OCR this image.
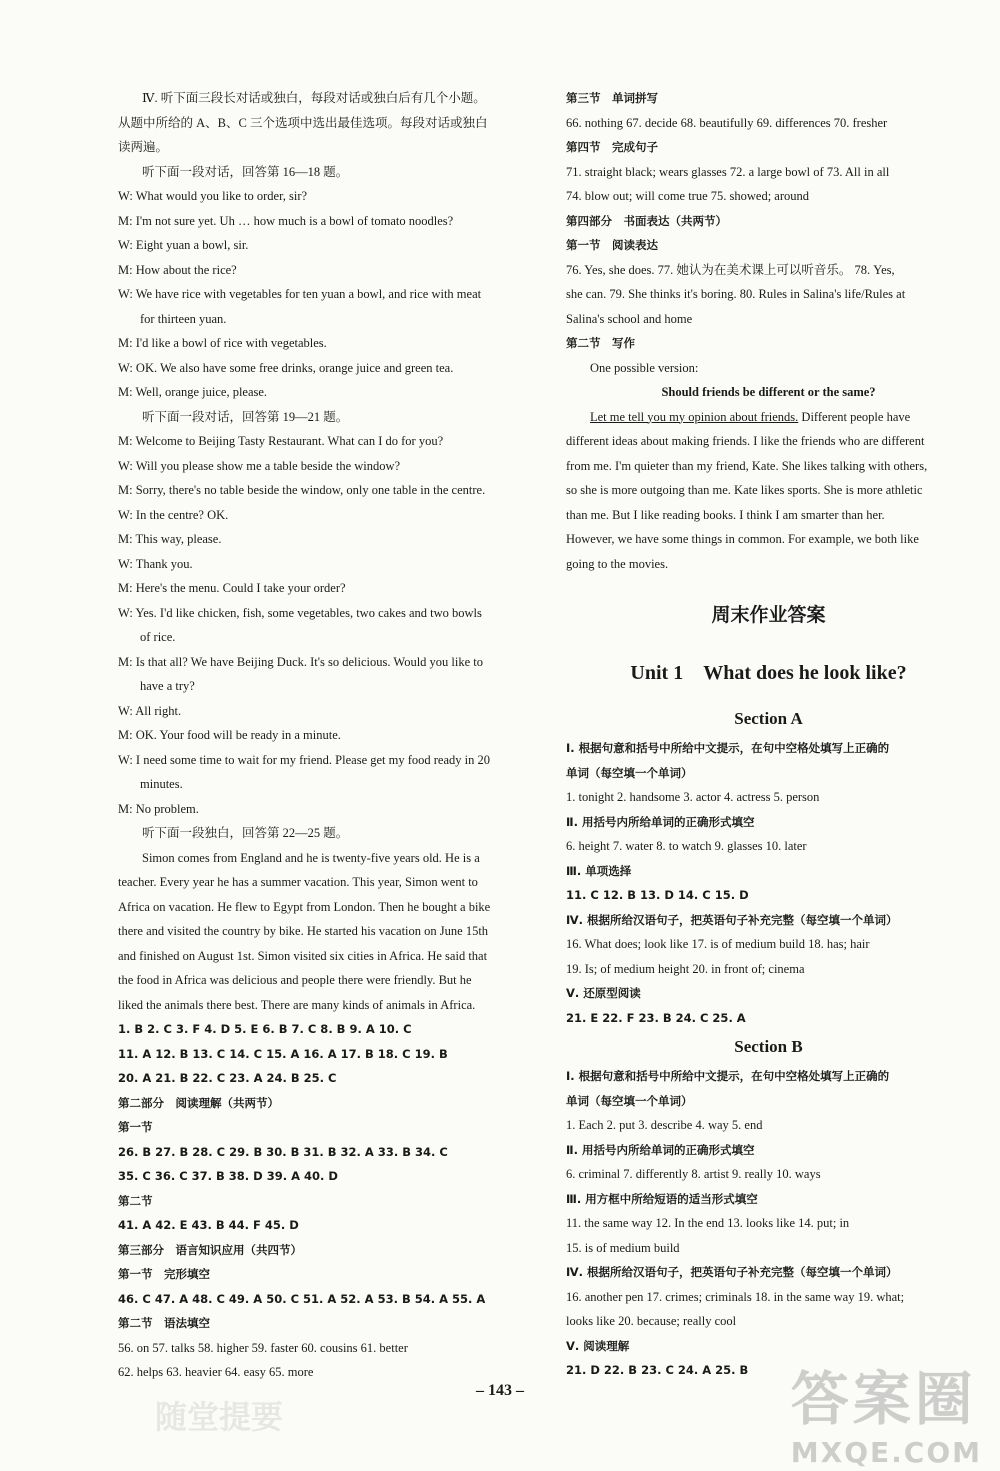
Ⅳ. 听下面三段长对话或独白，每段对话或独白后有几个小题。
从题中所给的 A、B、C 三个选项中选出最佳选项。每段对话或独白
读两遍。
听下面一段对话，回答第 16—18 题。
W: What would you like to order, sir?
M: I'm not sure yet. Uh … how much is a bowl of tomato noodles?
W: Eight yuan a bowl, sir.
M: How about the rice?
W: We have rice with vegetables for ten yuan a bowl, and rice with meat
for thirteen yuan.
M: I'd like a bowl of rice with vegetables.
W: OK. We also have some free drinks, orange juice and green tea.
M: Well, orange juice, please.
听下面一段对话，回答第 19—21 题。
M: Welcome to Beijing Tasty Restaurant. What can I do for you?
W: Will you please show me a table beside the window?
M: Sorry, there's no table beside the window, only one table in the centre.
W: In the centre? OK.
M: This way, please.
W: Thank you.
M: Here's the menu. Could I take your order?
W: Yes. I'd like chicken, fish, some vegetables, two cakes and two bowls
of rice.
M: Is that all? We have Beijing Duck. It's so delicious. Would you like to
have a try?
W: All right.
M: OK. Your food will be ready in a minute.
W: I need some time to wait for my friend. Please get my food ready in 20
minutes.
M: No problem.
听下面一段独白，回答第 22—25 题。
Simon comes from England and he is twenty-five years old. He is a
teacher. Every year he has a summer vacation. This year, Simon went to
Africa on vacation. He flew to Egypt from London. Then he bought a bike
there and visited the country by bike. He started his vacation on June 15th
and finished on August 1st. Simon visited six cities in Africa. He said that
the food in Africa was delicious and people there were friendly. But he
liked the animals there best. There are many kinds of animals in Africa.
1. B 2. C 3. F 4. D 5. E 6. B 7. C 8. B 9. A 10. C
11. A 12. B 13. C 14. C 15. A 16. A 17. B 18. C 19. B
20. A 21. B 22. C 23. A 24. B 25. C
第二部分　阅读理解（共两节）
第一节
26. B 27. B 28. C 29. B 30. B 31. B 32. A 33. B 34. C
35. C 36. C 37. B 38. D 39. A 40. D
第二节
41. A 42. E 43. B 44. F 45. D
第三部分　语言知识应用（共四节）
第一节　完形填空
46. C 47. A 48. C 49. A 50. C 51. A 52. A 53. B 54. A 55. A
第二节　语法填空
56. on 57. talks 58. higher 59. faster 60. cousins 61. better
62. helps 63. heavier 64. easy 65. more
第三节　单词拼写
66. nothing 67. decide 68. beautifully 69. differences 70. fresher
第四节　完成句子
71. straight black; wears glasses 72. a large bowl of 73. All in all
74. blow out; will come true 75. showed; around
第四部分　书面表达（共两节）
第一节　阅读表达
76. Yes, she does. 77. 她认为在美术课上可以听音乐。 78. Yes,
she can. 79. She thinks it's boring. 80. Rules in Salina's life/Rules at
Salina's school and home
第二节　写作
One possible version:
Should friends be different or the same?
Let me tell you my opinion about friends. Different people have
different ideas about making friends. I like the friends who are different
from me. I'm quieter than my friend, Kate. She likes talking with others,
so she is more outgoing than me. Kate likes sports. She is more athletic
than me. But I like reading books. I think I am smarter than her.
However, we have some things in common. For example, we both like
going to the movies.
周末作业答案
Unit 1　What does he look like?
Section A
Ⅰ. 根据句意和括号中所给中文提示，在句中空格处填写上正确的
单词（每空填一个单词）
1. tonight 2. handsome 3. actor 4. actress 5. person
Ⅱ. 用括号内所给单词的正确形式填空
6. height 7. water 8. to watch 9. glasses 10. later
Ⅲ. 单项选择
11. C 12. B 13. D 14. C 15. D
Ⅳ. 根据所给汉语句子，把英语句子补充完整（每空填一个单词）
16. What does; look like 17. is of medium build 18. has; hair
19. Is; of medium height 20. in front of; cinema
Ⅴ. 还原型阅读
21. E 22. F 23. B 24. C 25. A
Section B
Ⅰ. 根据句意和括号中所给中文提示，在句中空格处填写上正确的
单词（每空填一个单词）
1. Each 2. put 3. describe 4. way 5. end
Ⅱ. 用括号内所给单词的正确形式填空
6. criminal 7. differently 8. artist 9. really 10. ways
Ⅲ. 用方框中所给短语的适当形式填空
11. the same way 12. In the end 13. looks like 14. put; in
15. is of medium build
Ⅳ. 根据所给汉语句子，把英语句子补充完整（每空填一个单词）
16. another pen 17. crimes; criminals 18. in the same way 19. what;
looks like 20. because; really cool
Ⅴ. 阅读理解
21. D 22. B 23. C 24. A 25. B
随堂提要
– 143 –	答案圈
MXQE.COM
